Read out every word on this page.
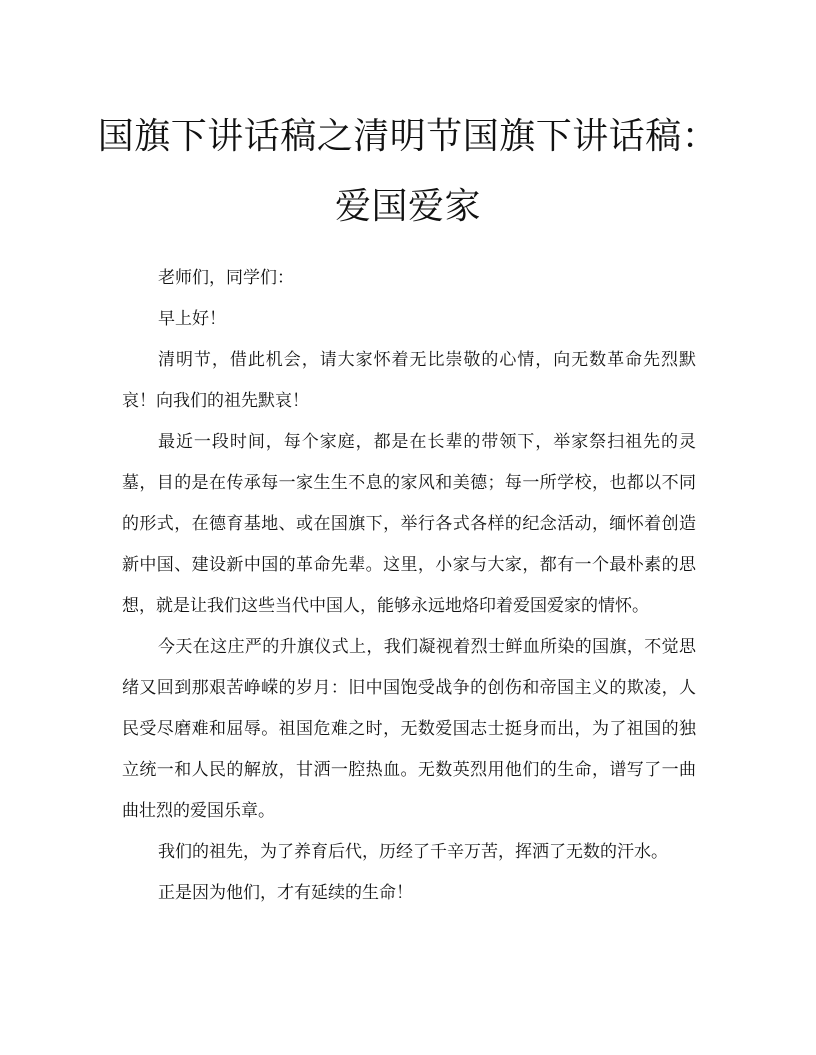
国旗下讲话稿之清明节国旗下讲话稿：爱国爱家

老师们，同学们：

早上好！

清明节，借此机会，请大家怀着无比崇敬的心情，向无数革命先烈默哀！向我们的祖先默哀！

最近一段时间，每个家庭，都是在长辈的带领下，举家祭扫祖先的灵墓，目的是在传承每一家生生不息的家风和美德；每一所学校，也都以不同的形式，在德育基地、或在国旗下，举行各式各样的纪念活动，缅怀着创造新中国、建设新中国的革命先辈。这里，小家与大家，都有一个最朴素的思想，就是让我们这些当代中国人，能够永远地烙印着爱国爱家的情怀。

今天在这庄严的升旗仪式上，我们凝视着烈士鲜血所染的国旗，不觉思绪又回到那艰苦峥嵘的岁月：旧中国饱受战争的创伤和帝国主义的欺凌，人民受尽磨难和屈辱。祖国危难之时，无数爱国志士挺身而出，为了祖国的独立统一和人民的解放，甘洒一腔热血。无数英烈用他们的生命，谱写了一曲曲壮烈的爱国乐章。

我们的祖先，为了养育后代，历经了千辛万苦，挥洒了无数的汗水。

正是因为他们，才有延续的生命！
